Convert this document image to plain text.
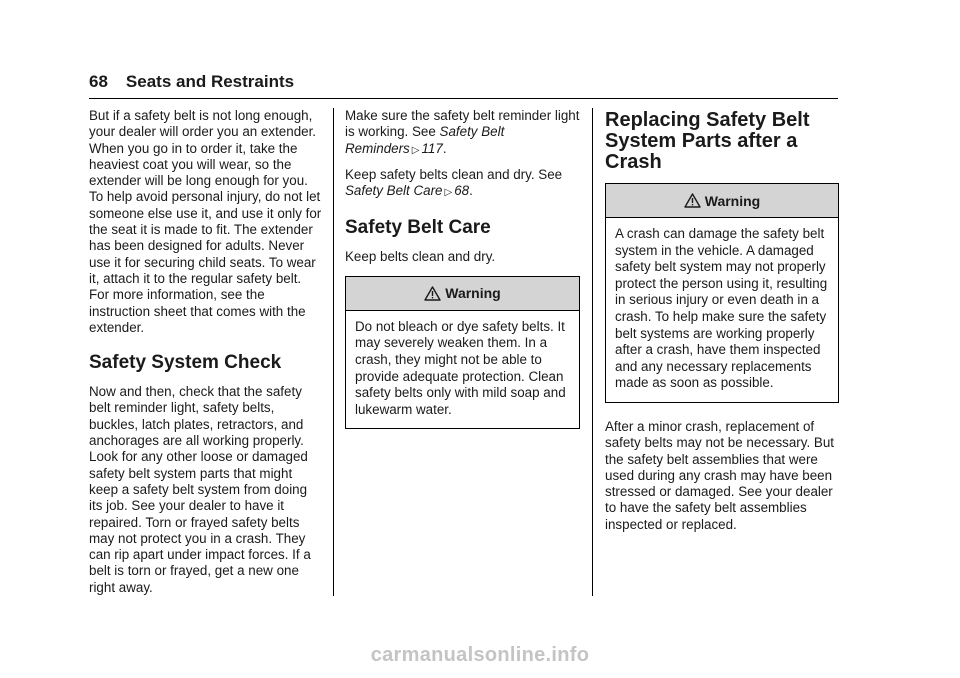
68 Seats and Restraints

But if a safety belt is not long enough, your dealer will order you an extender. When you go in to order it, take the heaviest coat you will wear, so the extender will be long enough for you. To help avoid personal injury, do not let someone else use it, and use it only for the seat it is made to fit. The extender has been designed for adults. Never use it for securing child seats. To wear it, attach it to the regular safety belt. For more information, see the instruction sheet that comes with the extender.

Safety System Check

Now and then, check that the safety belt reminder light, safety belts, buckles, latch plates, retractors, and anchorages are all working properly. Look for any other loose or damaged safety belt system parts that might keep a safety belt system from doing its job. See your dealer to have it repaired. Torn or frayed safety belts may not protect you in a crash. They can rip apart under impact forces. If a belt is torn or frayed, get a new one right away.

Make sure the safety belt reminder light is working. See Safety Belt Reminders ▷ 117.

Keep safety belts clean and dry. See Safety Belt Care ▷ 68.

Safety Belt Care

Keep belts clean and dry.

Warning
Do not bleach or dye safety belts. It may severely weaken them. In a crash, they might not be able to provide adequate protection. Clean safety belts only with mild soap and lukewarm water.
Replacing Safety Belt System Parts after a Crash
Warning
A crash can damage the safety belt system in the vehicle. A damaged safety belt system may not properly protect the person using it, resulting in serious injury or even death in a crash. To help make sure the safety belt systems are working properly after a crash, have them inspected and any necessary replacements made as soon as possible.

After a minor crash, replacement of safety belts may not be necessary. But the safety belt assemblies that were used during any crash may have been stressed or damaged. See your dealer to have the safety belt assemblies inspected or replaced.

carmanualsonline.info
